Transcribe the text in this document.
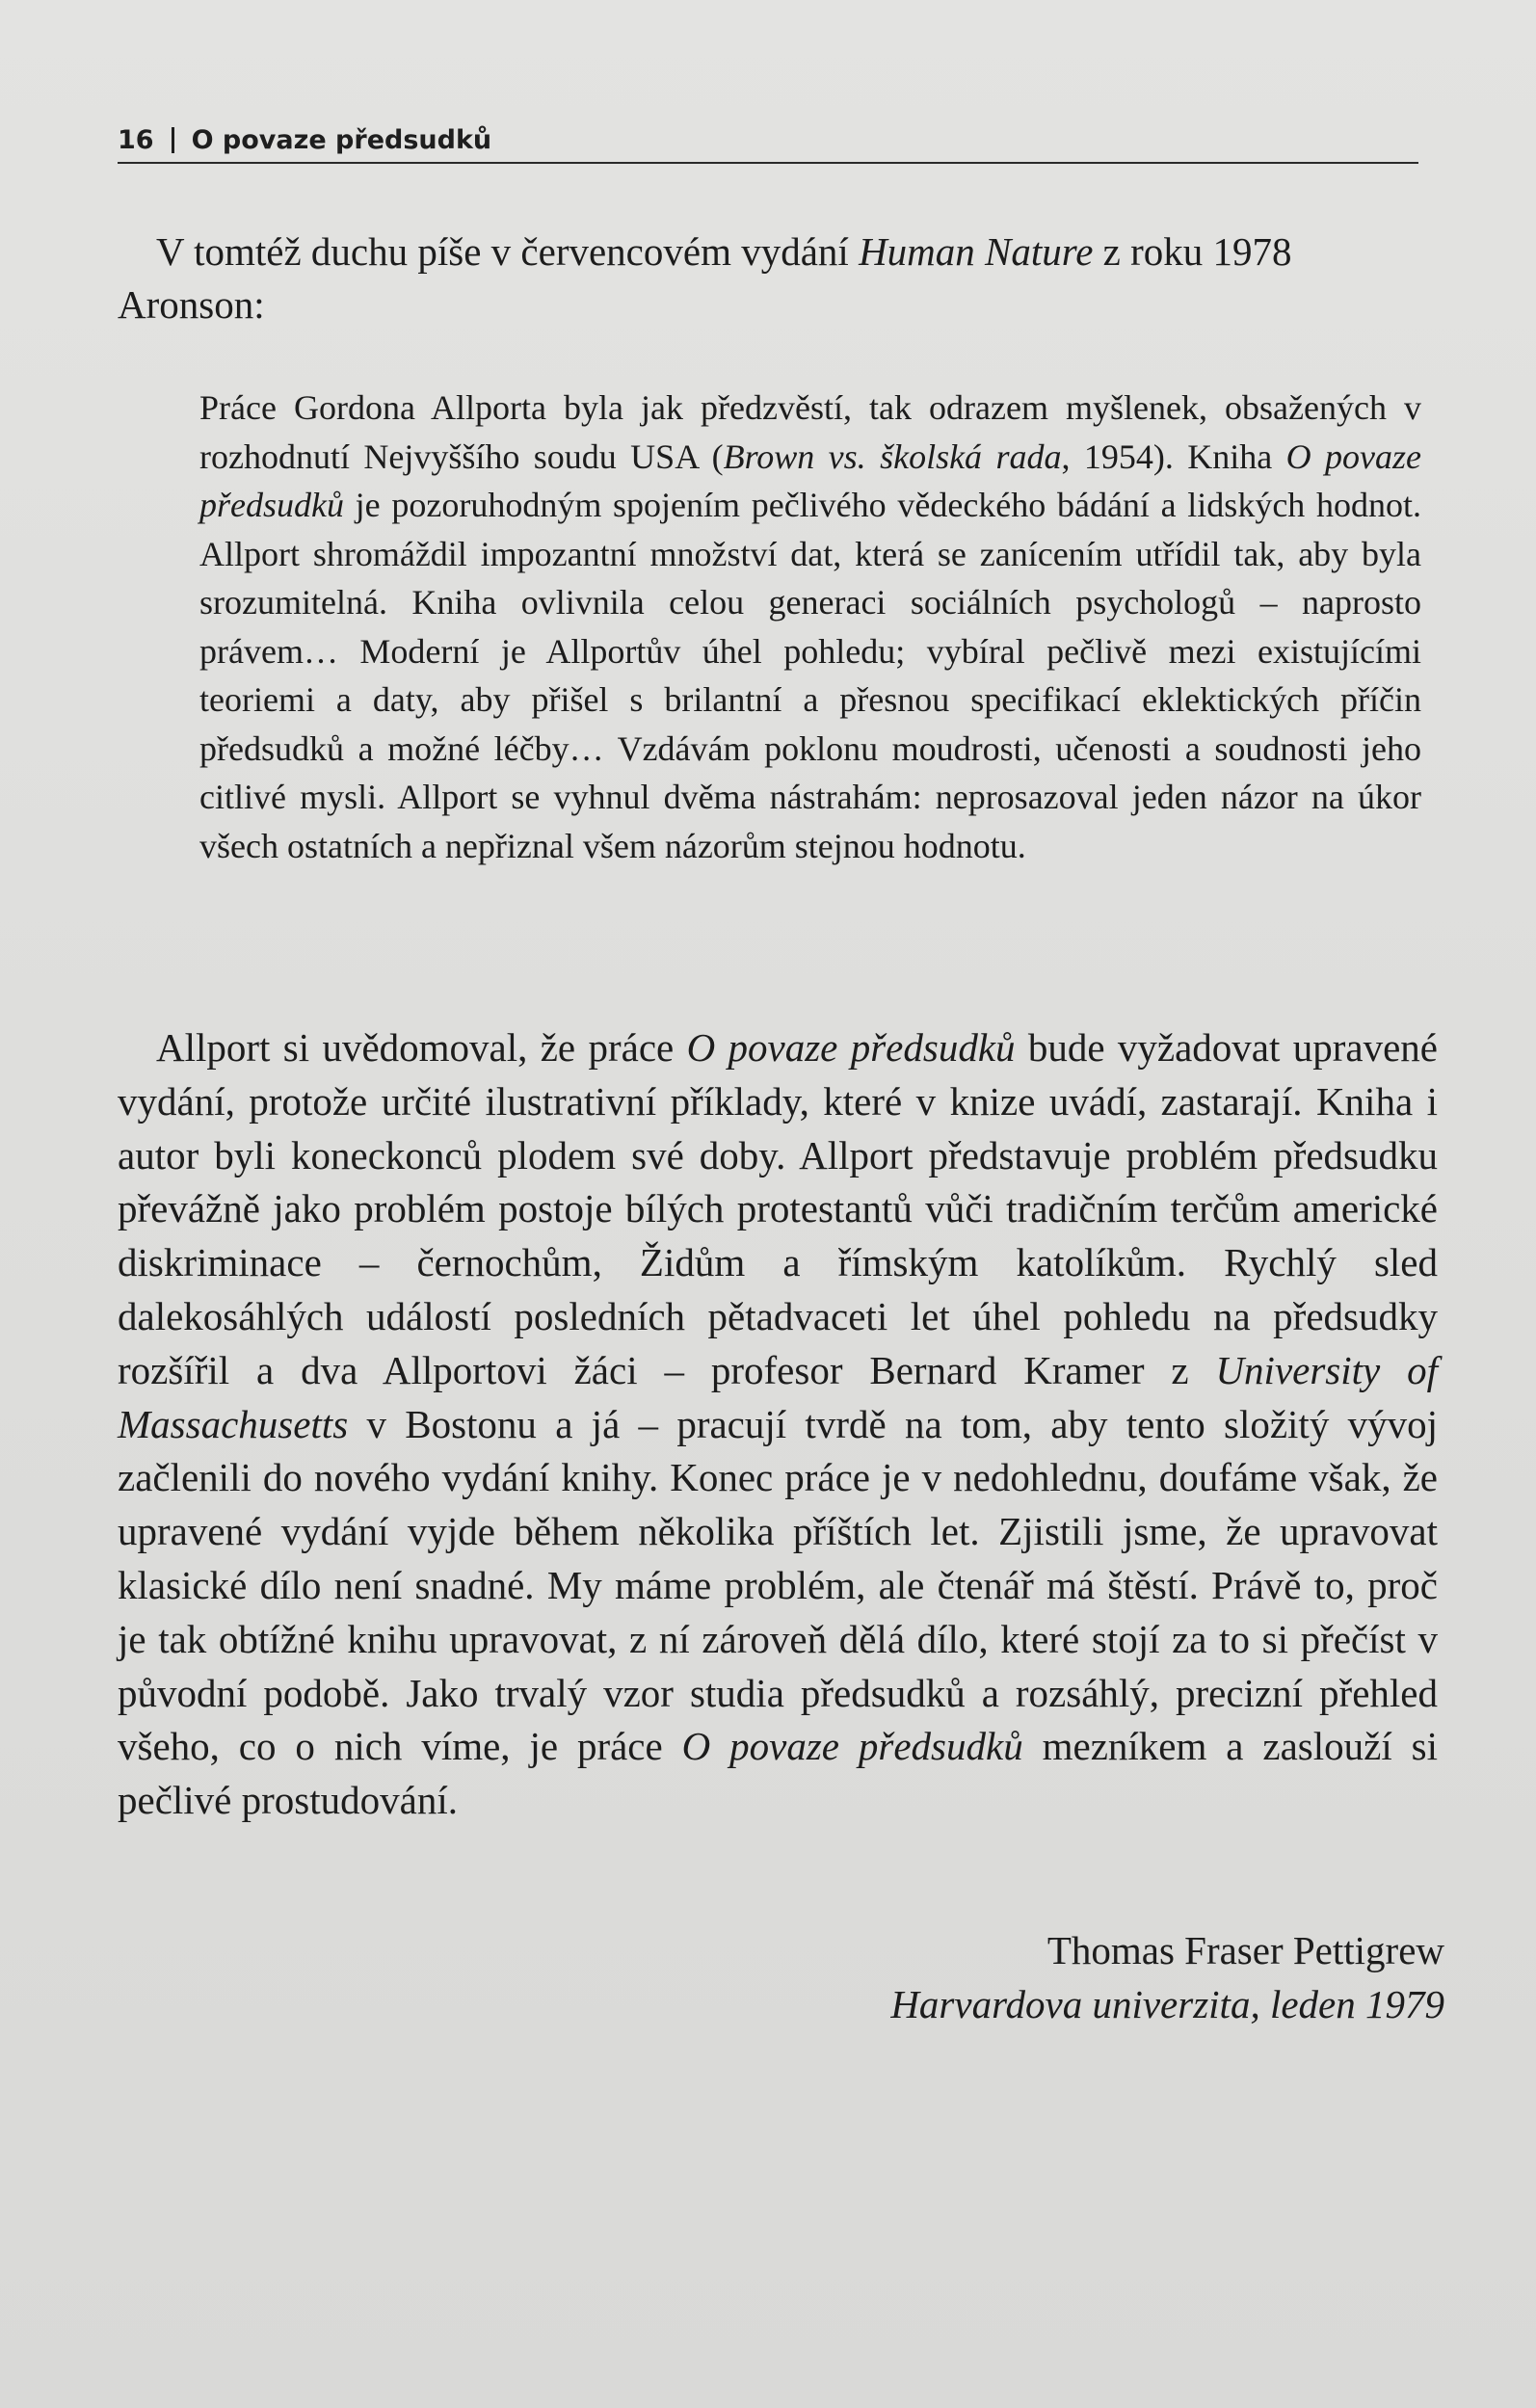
16 O povaze předsudků

V tomtéž duchu píše v červencovém vydání Human Nature z roku 1978 Aronson:

Práce Gordona Allporta byla jak předzvěstí, tak odrazem myšlenek, obsažených v rozhodnutí Nejvyššího soudu USA (Brown vs. školská rada, 1954). Kniha O povaze předsudků je pozoruhodným spojením pečlivého vědeckého bádání a lidských hodnot. Allport shromáždil impozantní množství dat, která se zanícením utřídil tak, aby byla srozumitelná. Kniha ovlivnila celou generaci sociálních psychologů – naprosto právem… Moderní je Allportův úhel pohledu; vybíral pečlivě mezi existujícími teoriemi a daty, aby přišel s brilantní a přesnou specifikací eklektických příčin předsudků a možné léčby… Vzdávám poklonu moudrosti, učenosti a soudnosti jeho citlivé mysli. Allport se vyhnul dvěma nástrahám: neprosazoval jeden názor na úkor všech ostatních a nepřiznal všem názorům stejnou hodnotu.

Allport si uvědomoval, že práce O povaze předsudků bude vyžadovat upravené vydání, protože určité ilustrativní příklady, které v knize uvádí, zastarají. Kniha i autor byli koneckonců plodem své doby. Allport představuje problém předsudku převážně jako problém postoje bílých protestantů vůči tradičním terčům americké diskriminace – černochům, Židům a římským katolíkům. Rychlý sled dalekosáhlých událostí posledních pětadvaceti let úhel pohledu na předsudky rozšířil a dva Allportovi žáci – profesor Bernard Kramer z University of Massachusetts v Bostonu a já – pracují tvrdě na tom, aby tento složitý vývoj začlenili do nového vydání knihy. Konec práce je v nedohlednu, doufáme však, že upravené vydání vyjde během několika příštích let. Zjistili jsme, že upravovat klasické dílo není snadné. My máme problém, ale čtenář má štěstí. Právě to, proč je tak obtížné knihu upravovat, z ní zároveň dělá dílo, které stojí za to si přečíst v původní podobě. Jako trvalý vzor studia předsudků a rozsáhlý, precizní přehled všeho, co o nich víme, je práce O povaze předsudků mezníkem a zaslouží si pečlivé prostudování.

Thomas Fraser Pettigrew
Harvardova univerzita, leden 1979
